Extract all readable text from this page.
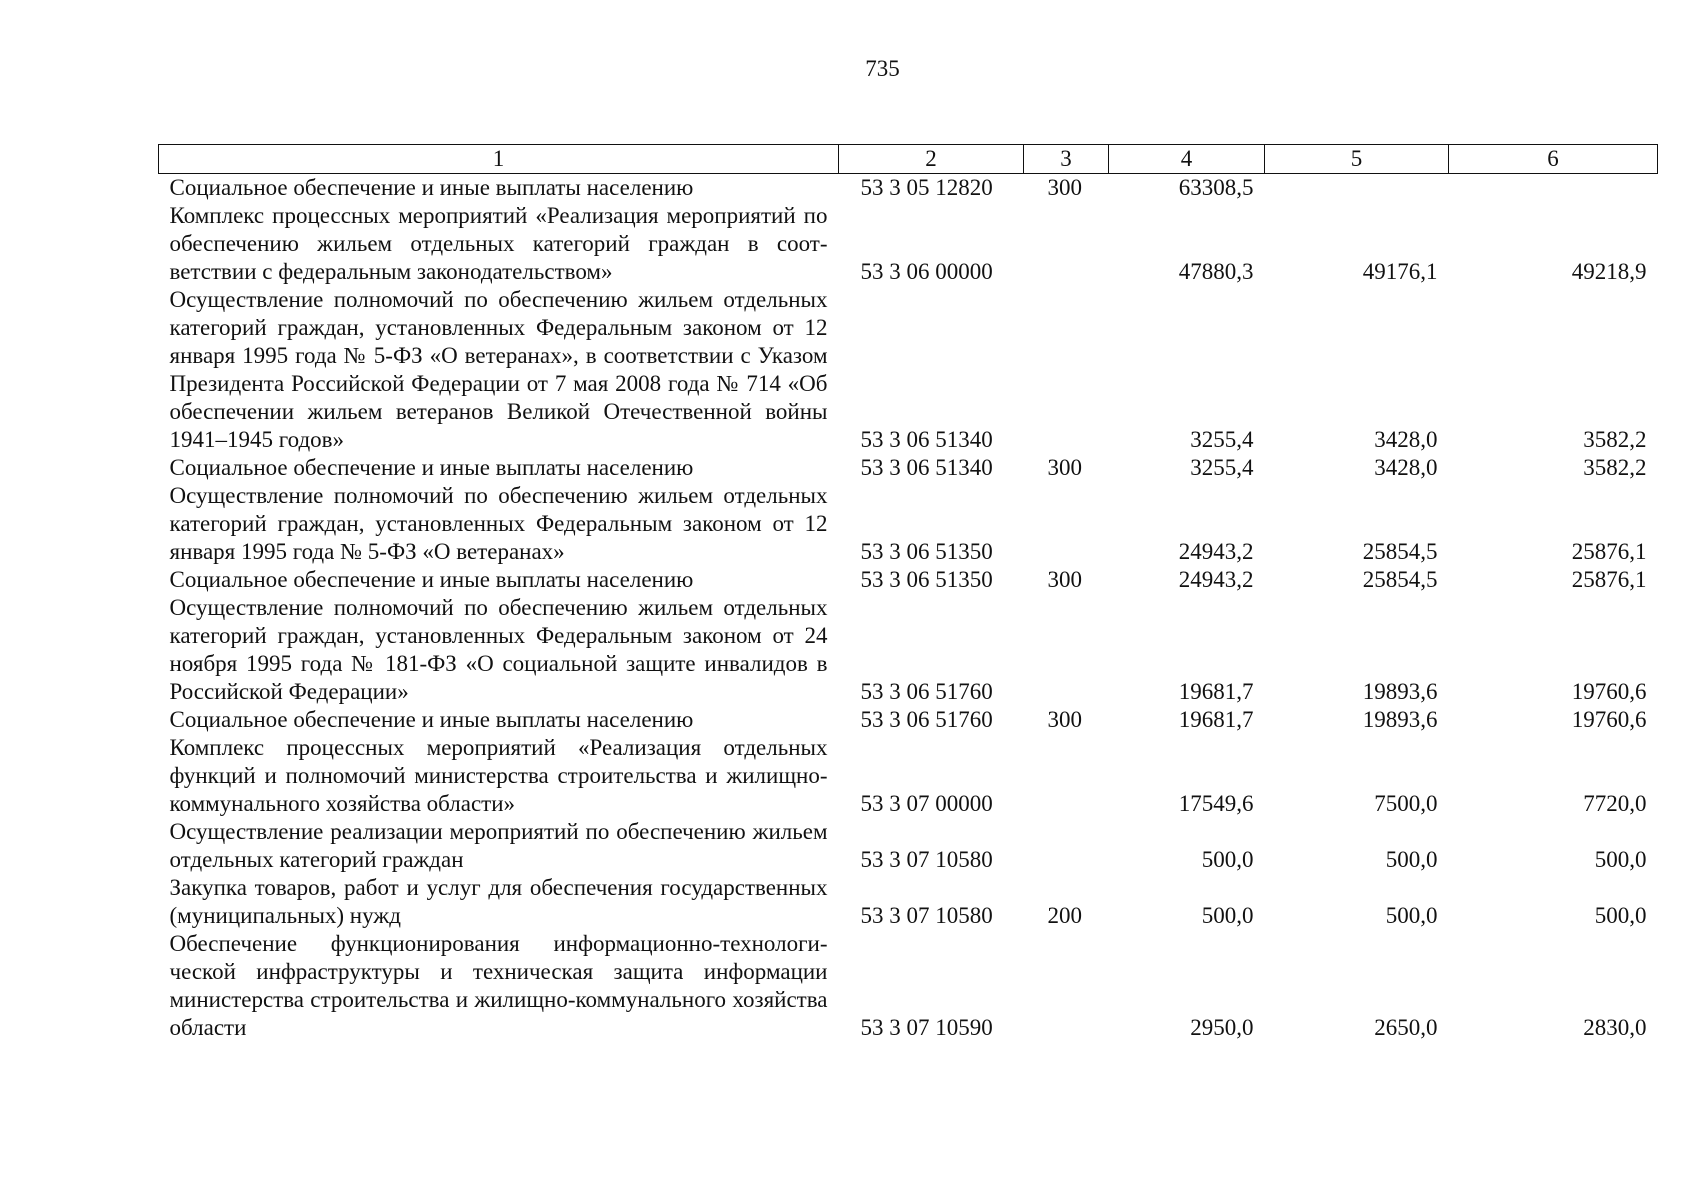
735
1	2	3	4	5	6
Социальное обеспечение и иные выплаты населению	53 3 05 12820	300	63308,5		
Комплекс процессных мероприятий «Реализация мероприятий по обеспечению жильем отдельных категорий граждан в соответствии с федеральным законодательством»	53 3 06 00000		47880,3	49176,1	49218,9
Осуществление полномочий по обеспечению жильем отдельных категорий граждан, установленных Федеральным законом от 12 января 1995 года № 5-ФЗ «О ветеранах», в соответствии с Указом Президента Российской Федерации от 7 мая 2008 года № 714 «Об обеспечении жильем ветеранов Великой Отечественной войны 1941–1945 годов»	53 3 06 51340		3255,4	3428,0	3582,2
Социальное обеспечение и иные выплаты населению	53 3 06 51340	300	3255,4	3428,0	3582,2
Осуществление полномочий по обеспечению жильем отдельных категорий граждан, установленных Федеральным законом от 12 января 1995 года № 5-ФЗ «О ветеранах»	53 3 06 51350		24943,2	25854,5	25876,1
Социальное обеспечение и иные выплаты населению	53 3 06 51350	300	24943,2	25854,5	25876,1
Осуществление полномочий по обеспечению жильем отдельных категорий граждан, установленных Федеральным законом от 24 ноября 1995 года № 181-ФЗ «О социальной защите инвалидов в Российской Федерации»	53 3 06 51760		19681,7	19893,6	19760,6
Социальное обеспечение и иные выплаты населению	53 3 06 51760	300	19681,7	19893,6	19760,6
Комплекс процессных мероприятий «Реализация отдельных функций и полномочий министерства строительства и жилищно-коммунального хозяйства области»	53 3 07 00000		17549,6	7500,0	7720,0
Осуществление реализации мероприятий по обеспечению жильем отдельных категорий граждан	53 3 07 10580		500,0	500,0	500,0
Закупка товаров, работ и услуг для обеспечения государственных (муниципальных) нужд	53 3 07 10580	200	500,0	500,0	500,0
Обеспечение функционирования информационно-технологической инфраструктуры и техническая защита информации министерства строительства и жилищно-коммунального хозяйства области	53 3 07 10590		2950,0	2650,0	2830,0
